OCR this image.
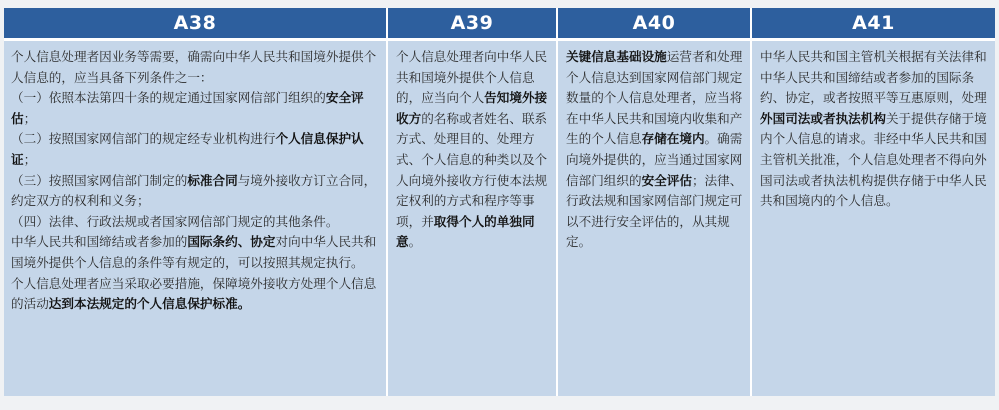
A38

个人信息处理者因业务等需要，确需向中华人民共和国境外提供个人信息的，应当具备下列条件之一：
（一）依照本法第四十条的规定通过国家网信部门组织的安全评估；
（二）按照国家网信部门的规定经专业机构进行个人信息保护认证；
（三）按照国家网信部门制定的标准合同与境外接收方订立合同，约定双方的权利和义务；
（四）法律、行政法规或者国家网信部门规定的其他条件。
中华人民共和国缔结或者参加的国际条约、协定对向中华人民共和国境外提供个人信息的条件等有规定的，可以按照其规定执行。
个人信息处理者应当采取必要措施，保障境外接收方处理个人信息的活动达到本法规定的个人信息保护标准。

A39

个人信息处理者向中华人民共和国境外提供个人信息的，应当向个人告知境外接收方的名称或者姓名、联系方式、处理目的、处理方式、个人信息的种类以及个人向境外接收方行使本法规定权利的方式和程序等事项，并取得个人的单独同意。

A40

关键信息基础设施运营者和处理个人信息达到国家网信部门规定数量的个人信息处理者，应当将在中华人民共和国境内收集和产生的个人信息存储在境内。确需向境外提供的，应当通过国家网信部门组织的安全评估；法律、行政法规和国家网信部门规定可以不进行安全评估的，从其规定。

A41

中华人民共和国主管机关根据有关法律和中华人民共和国缔结或者参加的国际条约、协定，或者按照平等互惠原则，处理外国司法或者执法机构关于提供存储于境内个人信息的请求。非经中华人民共和国主管机关批准，个人信息处理者不得向外国司法或者执法机构提供存储于中华人民共和国境内的个人信息。
